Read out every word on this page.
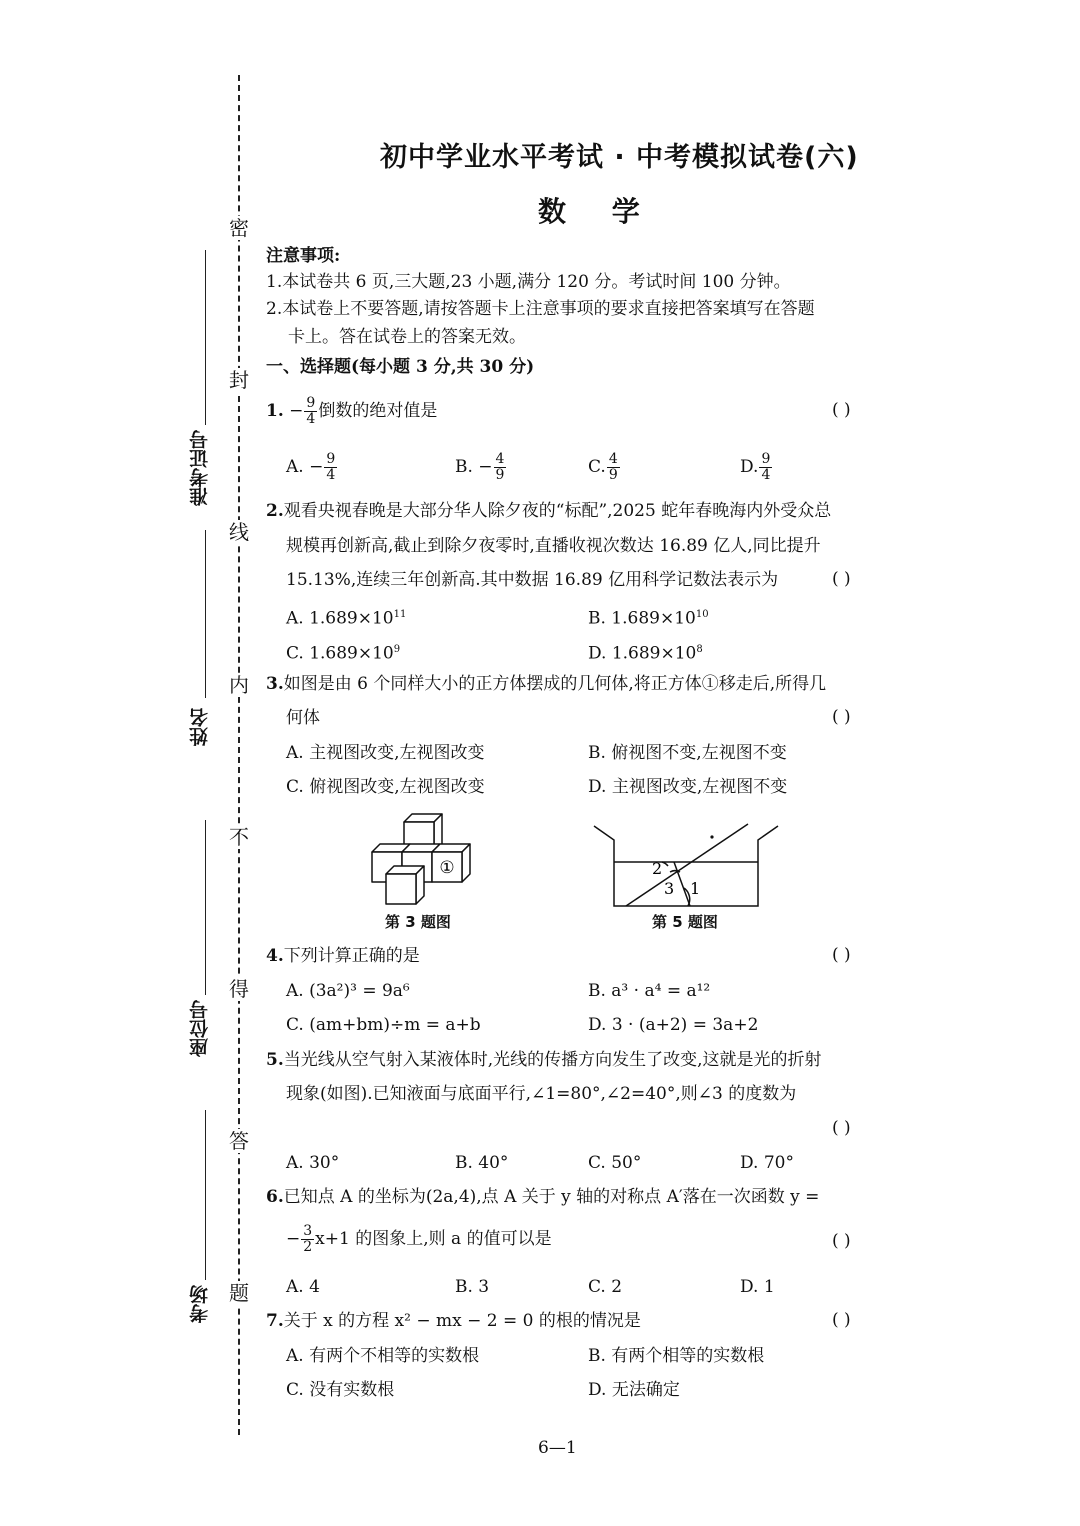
密
封
线
内
不
得
答
题
准考证号
姓名
座位号
考场
初中学业水平考试 · 中考模拟试卷(六)
数 学
注意事项:
1.本试卷共 6 页,三大题,23 小题,满分 120 分。考试时间 100 分钟。
2.本试卷上不要答题,请按答题卡上注意事项的要求直接把答案填写在答题
卡上。答在试卷上的答案无效。
一、选择题(每小题 3 分,共 30 分)
1. − $\frac{9}{4}$ 倒数的绝对值是	( )
A. − $\frac{9}{4}$	B. − $\frac{4}{9}$	C. $\frac{4}{9}$	D. $\frac{9}{4}$
2.观看央视春晚是大部分华人除夕夜的“标配”,2025 蛇年春晚海内外受众总
规模再创新高,截止到除夕夜零时,直播收视次数达 16.89 亿人,同比提升
15.13%,连续三年创新高.其中数据 16.89 亿用科学记数法表示为	( )
A. $1.689\times 10^{11}$	B. $1.689\times 10^{10}$
C. $1.689\times 10^9$	D. $1.689\times 10^8$
3.如图是由 6 个同样大小的正方体摆成的几何体,将正方体①移走后,所得几
何体	( )
A. 主视图改变,左视图改变	B. 俯视图不变,左视图不变
C. 俯视图改变,左视图改变	D. 主视图改变,左视图不变
①
第 3 题图
2
3 1
第 5 题图
4.下列计算正确的是	( )
A. (3a²)³ = 9a⁶	B. a³ · a⁴ = a¹²
C. (am+bm)÷m = a+b	D. 3 · (a+2) = 3a+2
5.当光线从空气射入某液体时,光线的传播方向发生了改变,这就是光的折射
现象(如图).已知液面与底面平行,∠1=80°,∠2=40°,则∠3 的度数为
( )
A. 30°	B. 40°	C. 50°	D. 70°
6.已知点 A 的坐标为(2a,4),点 A 关于 y 轴的对称点 A′落在一次函数 y =
− $\frac{3}{2} x+1$ 的图象上,则 a 的值可以是	( )
A. 4	B. 3	C. 2	D. 1
7.关于 x 的方程 x² − mx − 2 = 0 的根的情况是	( )
A. 有两个不相等的实数根	B. 有两个相等的实数根
C. 没有实数根	D. 无法确定
6—1
